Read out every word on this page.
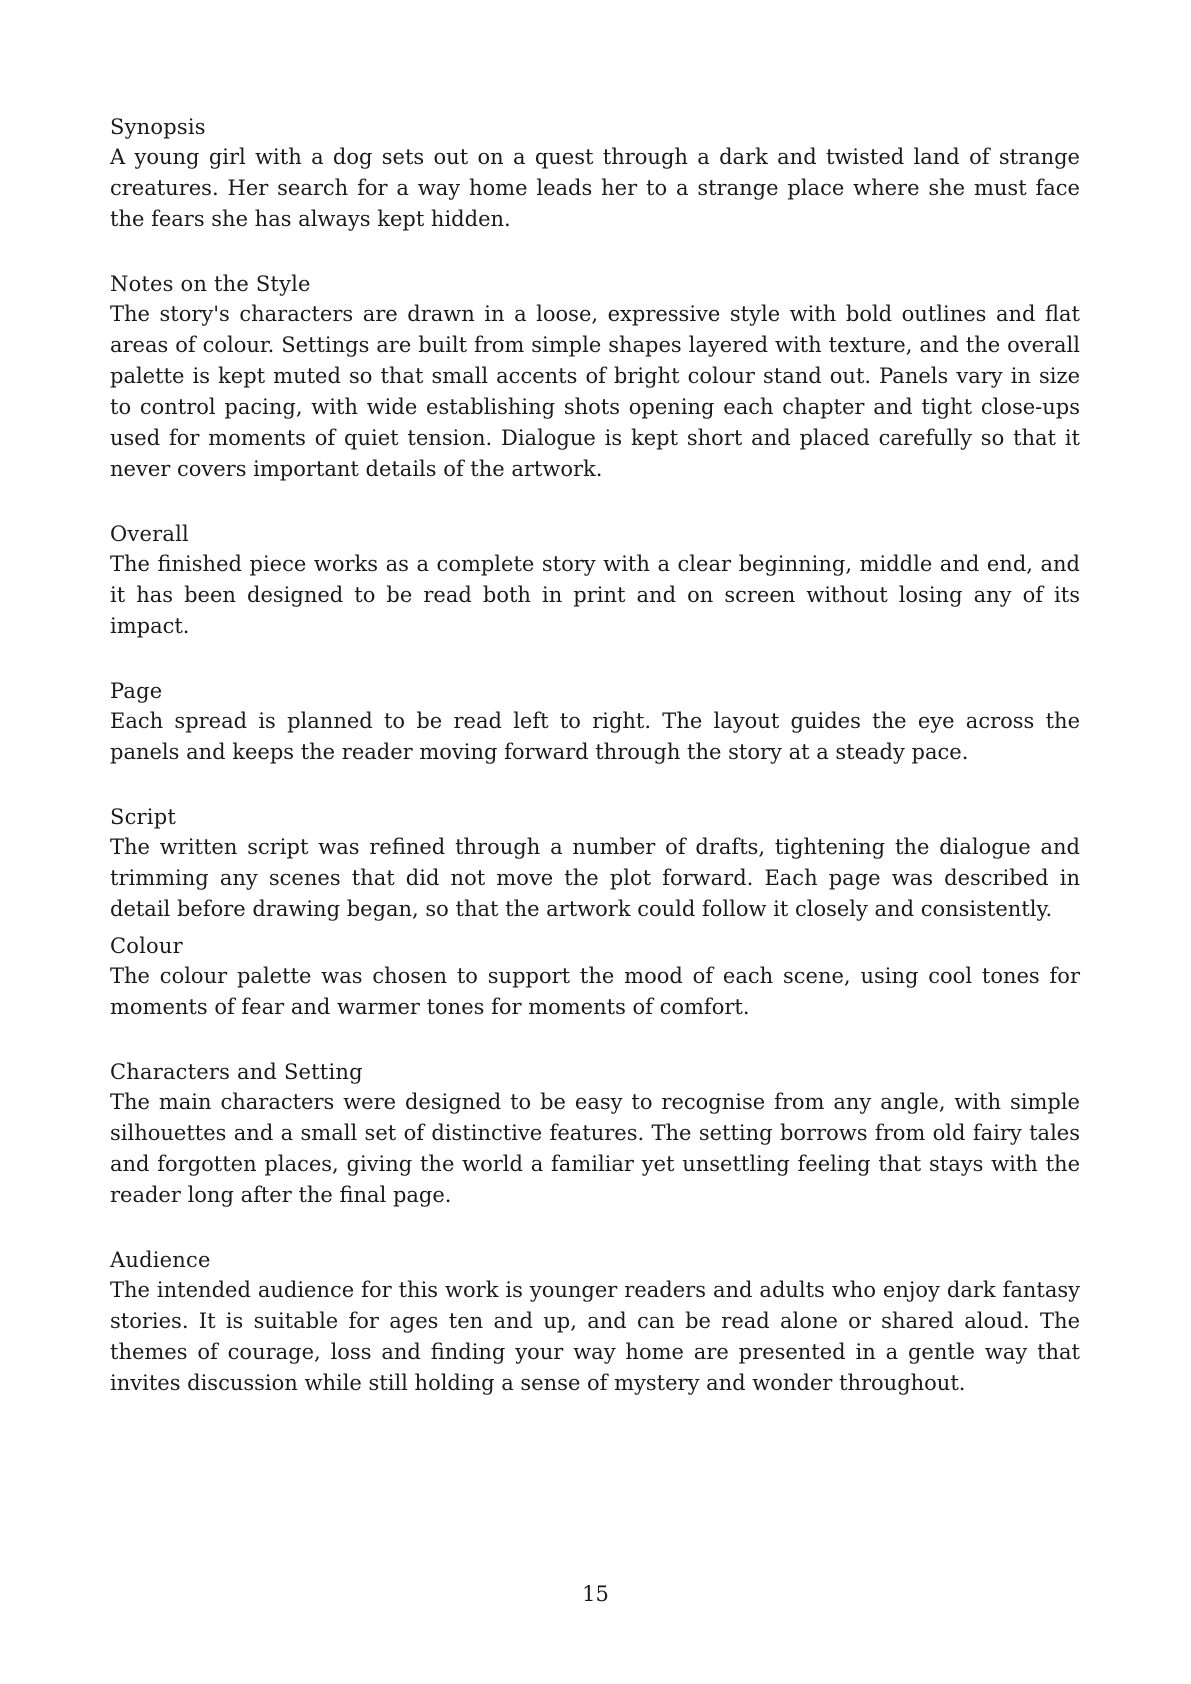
Synopsis

A young girl with a dog sets out on a quest through a dark and twisted land of strange creatures. Her search for a way home leads her to a strange place where she must face the fears she has always kept hidden.

Notes on the Style

The story's characters are drawn in a loose, expressive style with bold outlines and flat areas of colour. Settings are built from simple shapes layered with texture, and the overall palette is kept muted so that small accents of bright colour stand out. Panels vary in size to control pacing, with wide establishing shots opening each chapter and tight close-ups used for moments of quiet tension. Dialogue is kept short and placed carefully so that it never covers important details of the artwork.

Overall

The finished piece works as a complete story with a clear beginning, middle and end, and it has been designed to be read both in print and on screen without losing any of its impact.

Page

Each spread is planned to be read left to right. The layout guides the eye across the panels and keeps the reader moving forward through the story at a steady pace.

Script

The written script was refined through a number of drafts, tightening the dialogue and trimming any scenes that did not move the plot forward. Each page was described in detail before drawing began, so that the artwork could follow it closely and consistently.

Colour

The colour palette was chosen to support the mood of each scene, using cool tones for moments of fear and warmer tones for moments of comfort.

Characters and Setting

The main characters were designed to be easy to recognise from any angle, with simple silhouettes and a small set of distinctive features. The setting borrows from old fairy tales and forgotten places, giving the world a familiar yet unsettling feeling that stays with the reader long after the final page.

Audience

The intended audience for this work is younger readers and adults who enjoy dark fantasy stories. It is suitable for ages ten and up, and can be read alone or shared aloud. The themes of courage, loss and finding your way home are presented in a gentle way that invites discussion while still holding a sense of mystery and wonder throughout.

15
